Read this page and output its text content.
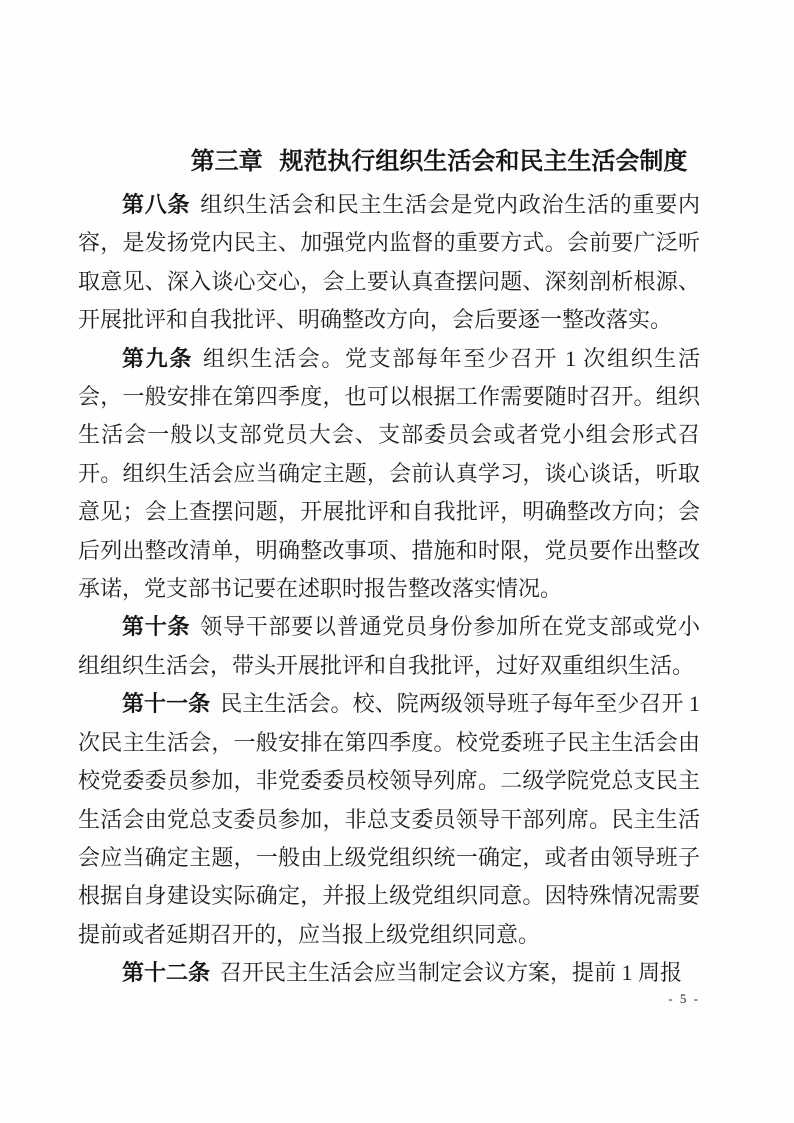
第三章 规范执行组织生活会和民主生活会制度

第八条 组织生活会和民主生活会是党内政治生活的重要内容，是发扬党内民主、加强党内监督的重要方式。会前要广泛听取意见、深入谈心交心，会上要认真查摆问题、深刻剖析根源、开展批评和自我批评、明确整改方向，会后要逐一整改落实。

第九条 组织生活会。党支部每年至少召开 1 次组织生活会，一般安排在第四季度，也可以根据工作需要随时召开。组织生活会一般以支部党员大会、支部委员会或者党小组会形式召开。组织生活会应当确定主题，会前认真学习，谈心谈话，听取意见；会上查摆问题，开展批评和自我批评，明确整改方向；会后列出整改清单，明确整改事项、措施和时限，党员要作出整改承诺，党支部书记要在述职时报告整改落实情况。

第十条 领导干部要以普通党员身份参加所在党支部或党小组组织生活会，带头开展批评和自我批评，过好双重组织生活。

第十一条 民主生活会。校、院两级领导班子每年至少召开 1 次民主生活会，一般安排在第四季度。校党委班子民主生活会由校党委委员参加，非党委委员校领导列席。二级学院党总支民主生活会由党总支委员参加，非总支委员领导干部列席。民主生活会应当确定主题，一般由上级党组织统一确定，或者由领导班子根据自身建设实际确定，并报上级党组织同意。因特殊情况需要提前或者延期召开的，应当报上级党组织同意。

第十二条 召开民主生活会应当制定会议方案，提前 1 周报

- 5 -
